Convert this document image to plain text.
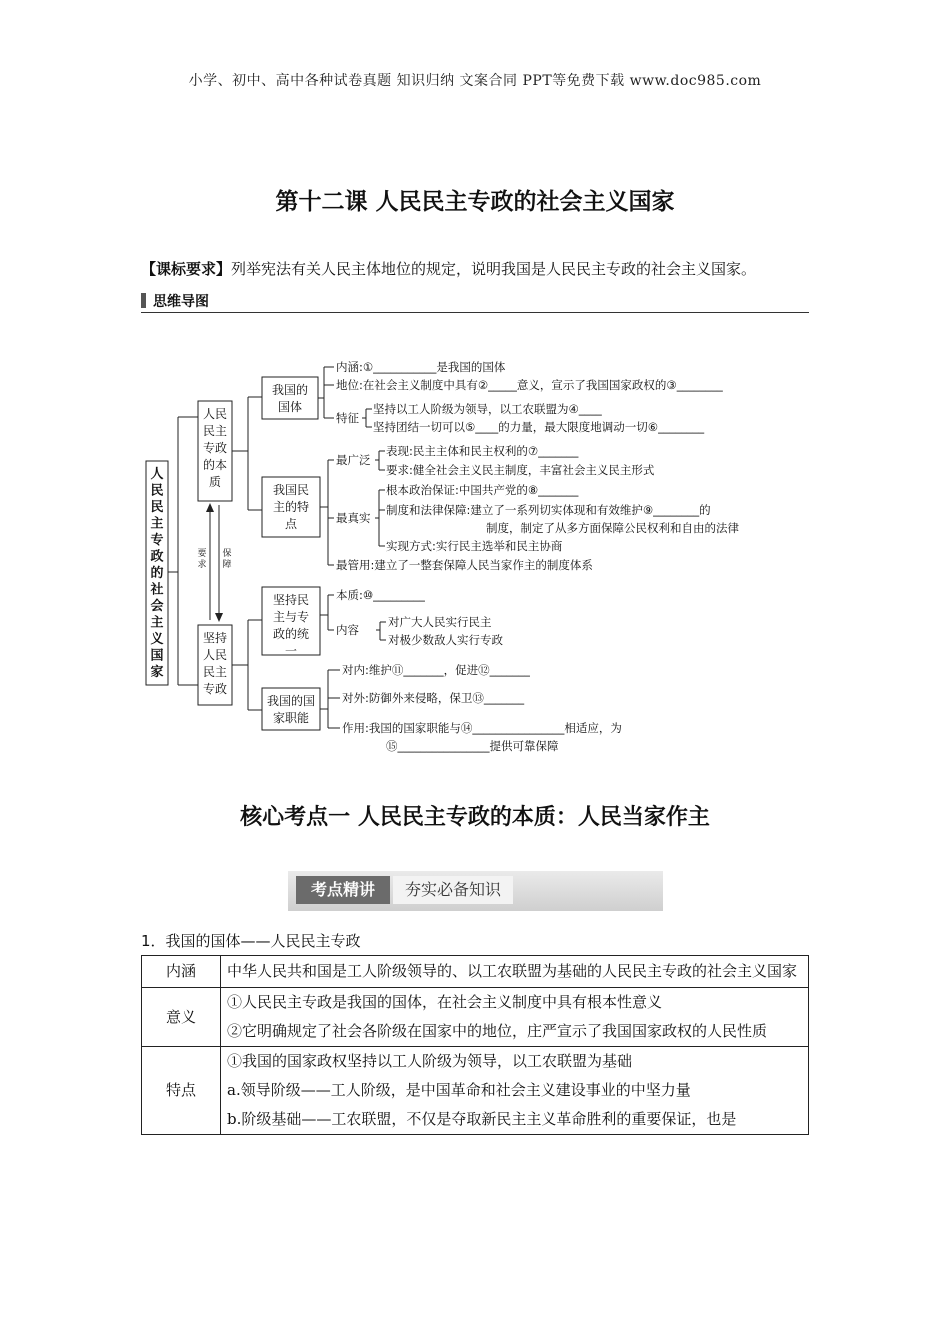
小学、初中、高中各种试卷真题 知识归纳 文案合同 PPT等免费下载 www.doc985.com
第十二课 人民民主专政的社会主义国家
【课标要求】列举宪法有关人民主体地位的规定，说明我国是人民民主专政的社会主义国家。
思维导图
人民民主专政的社会主义国家
人民民主专政的本质
坚持人民民主专政
要求
保障
我国的国体
我国民主的特点
坚持民主与专政的统一
我国的国家职能
内涵:①___________是我国的国体
地位:在社会主义制度中具有②_____意义，宣示了我国国家政权的③________
特征
坚持以工人阶级为领导，以工农联盟为④____
坚持团结一切可以⑤____的力量，最大限度地调动一切⑥________
最广泛
表现:民主主体和民主权利的⑦_______
要求:健全社会主义民主制度，丰富社会主义民主形式
最真实
根本政治保证:中国共产党的⑧_______
制度和法律保障:建立了一系列切实体现和有效维护⑨________的
制度，制定了从多方面保障公民权利和自由的法律
实现方式:实行民主选举和民主协商
最管用:建立了一整套保障人民当家作主的制度体系
本质:⑩_________
内容
对广大人民实行民主
对极少数敌人实行专政
对内:维护⑪_______，促进⑫_______
对外:防御外来侵略，保卫⑬_______
作用:我国的国家职能与⑭________________相适应，为
⑮________________提供可靠保障
核心考点一 人民民主专政的本质：人民当家作主
考点精讲	夯实必备知识
1．我国的国体——人民民主专政
内涵	中华人民共和国是工人阶级领导的、以工农联盟为基础的人民民主专政的社会主义国家

意义	①人民民主专政是我国的国体，在社会主义制度中具有根本性意义
②它明确规定了社会各阶级在国家中的地位，庄严宣示了我国国家政权的人民性质

特点	①我国的国家政权坚持以工人阶级为领导，以工农联盟为基础
a.领导阶级——工人阶级，是中国革命和社会主义建设事业的中坚力量
b.阶级基础——工农联盟，不仅是夺取新民主主义革命胜利的重要保证，也是
